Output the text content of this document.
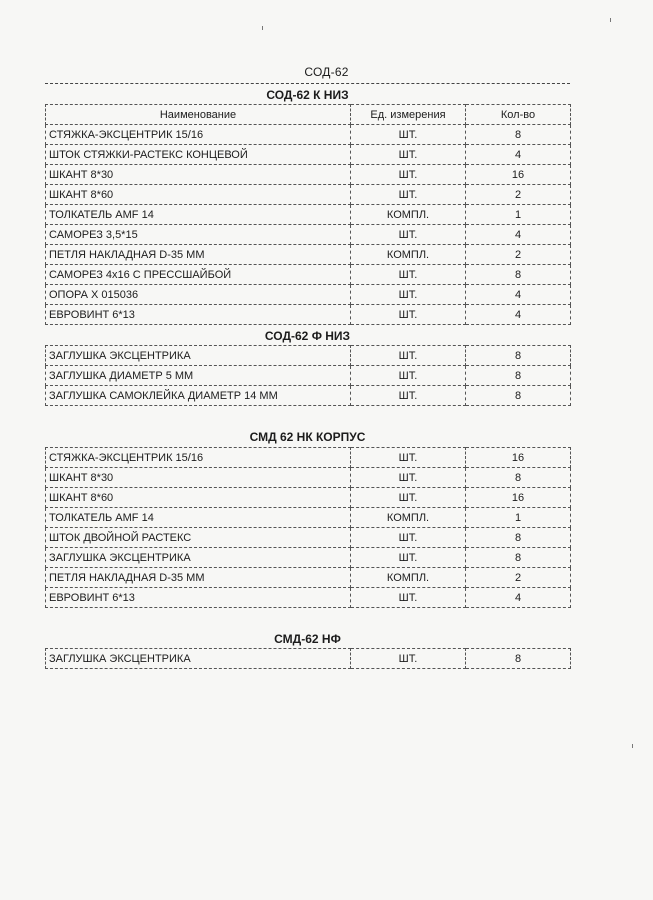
СОД-62
СОД-62 К НИЗ
Наименование	Ед. измерения	Кол-во
СТЯЖКА-ЭКСЦЕНТРИК 15/16	ШТ.	8
ШТОК СТЯЖКИ-РАСТЕКС КОНЦЕВОЙ	ШТ.	4
ШКАНТ 8*30	ШТ.	16
ШКАНТ 8*60	ШТ.	2
ТОЛКАТЕЛЬ AMF 14	КОМПЛ.	1
САМОРЕЗ 3,5*15	ШТ.	4
ПЕТЛЯ НАКЛАДНАЯ D-35 ММ	КОМПЛ.	2
САМОРЕЗ 4х16 С ПРЕССШАЙБОЙ	ШТ.	8
ОПОРА Х 015036	ШТ.	4
ЕВРОВИНТ 6*13	ШТ.	4
СОД-62 Ф НИЗ
ЗАГЛУШКА ЭКСЦЕНТРИКА	ШТ.	8
ЗАГЛУШКА ДИАМЕТР 5 ММ	ШТ.	8
ЗАГЛУШКА САМОКЛЕЙКА ДИАМЕТР 14 ММ	ШТ.	8
СМД 62 НК КОРПУС
СТЯЖКА-ЭКСЦЕНТРИК 15/16	ШТ.	16
ШКАНТ 8*30	ШТ.	8
ШКАНТ 8*60	ШТ.	16
ТОЛКАТЕЛЬ AMF 14	КОМПЛ.	1
ШТОК ДВОЙНОЙ РАСТЕКС	ШТ.	8
ЗАГЛУШКА ЭКСЦЕНТРИКА	ШТ.	8
ПЕТЛЯ НАКЛАДНАЯ D-35 ММ	КОМПЛ.	2
ЕВРОВИНТ 6*13	ШТ.	4
СМД-62 НФ
ЗАГЛУШКА ЭКСЦЕНТРИКА	ШТ.	8
